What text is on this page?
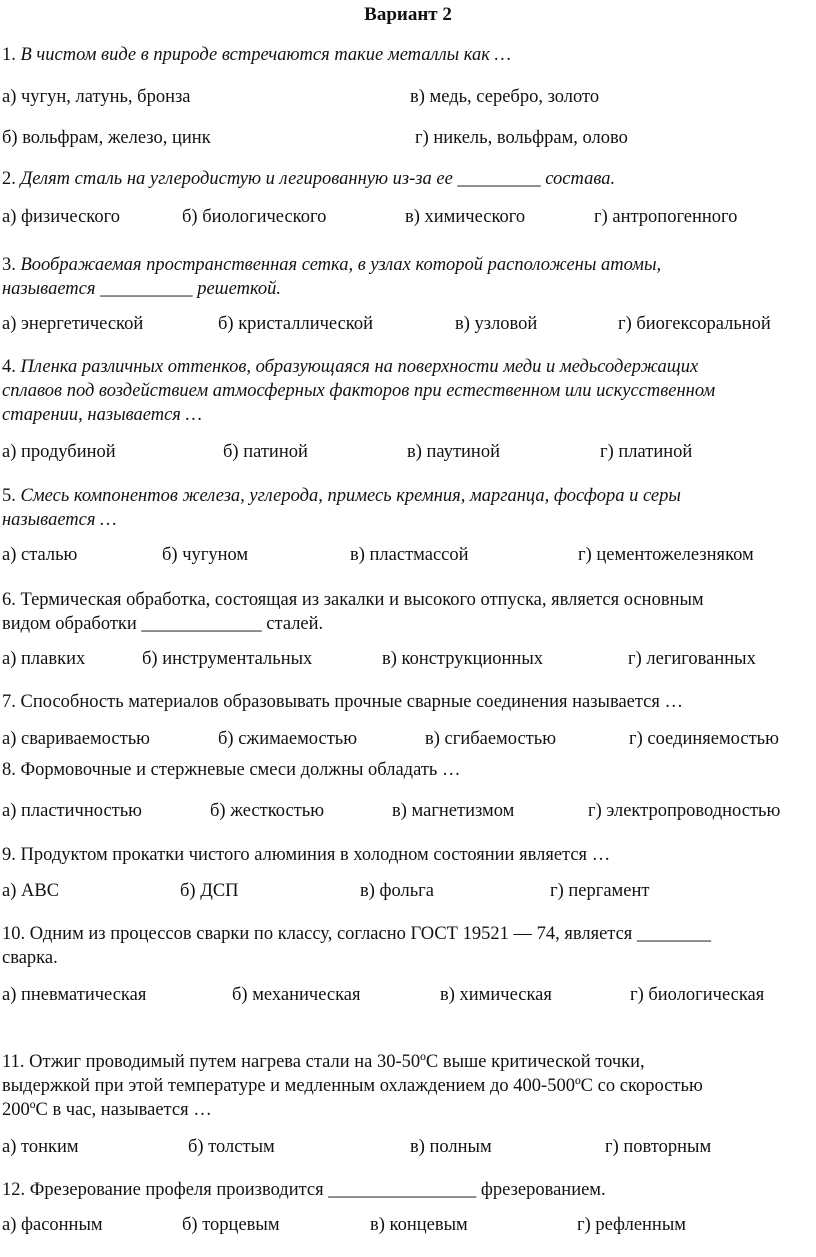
Вариант 2
1. В чистом виде в природе встречаются такие металлы как …
а) чугун, латунь, бронза	в) медь, серебро, золото
б) вольфрам, железо, цинк	г) никель, вольфрам, олово
2. Делят сталь на углеродистую и легированную из-за ее _________ состава.
а) физического	б) биологического	в) химического	г) антропогенного
3. Воображаемая пространственная сетка, в узлах которой расположены атомы,
называется __________ решеткой.
а) энергетической	б) кристаллической	в) узловой	г) биогексоральной
4. Пленка различных оттенков, образующаяся на поверхности меди и медьсодержащих
сплавов под воздействием атмосферных факторов при естественном или искусственном
старении, называется …
а) продубиной	б) патиной	в) паутиной	г) платиной
5. Смесь компонентов железа, углерода, примесь кремния, марганца, фосфора и серы
называется …
а) сталью	б) чугуном	в) пластмассой	г) цементожелезняком
6. Термическая обработка, состоящая из закалки и высокого отпуска, является основным
видом обработки _____________ сталей.
а) плавких	б) инструментальных	в) конструкционных	г) легигованных
7. Способность материалов образовывать прочные сварные соединения называется …
а) свариваемостью	б) сжимаемостью	в) сгибаемостью	г) соединяемостью
8. Формовочные и стержневые смеси должны обладать …
а) пластичностью	б) жесткостью	в) магнетизмом	г) электропроводностью
9. Продуктом прокатки чистого алюминия в холодном состоянии является …
а) АВС	б) ДСП	в) фольга	г) пергамент
10. Одним из процессов сварки по классу, согласно ГОСТ 19521 — 74, является ________
сварка.
а) пневматическая	б) механическая	в) химическая	г) биологическая
11. Отжиг проводимый путем нагрева стали на 30-50ºС выше критической точки,
выдержкой при этой температуре и медленным охлаждением до 400-500ºС со скоростью
200ºС в час, называется …
а) тонким	б) толстым	в) полным	г) повторным
12. Фрезерование профеля производится ________________ фрезерованием.
а) фасонным	б) торцевым	в) концевым	г) рефленным
